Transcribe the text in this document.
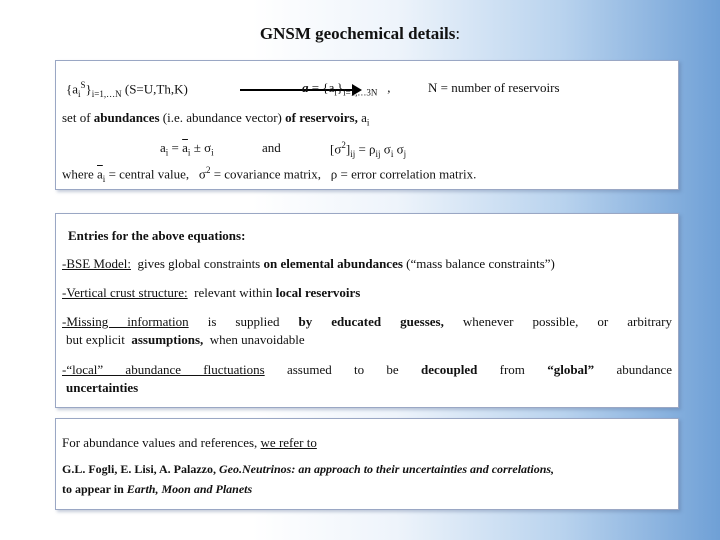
GNSM geochemical details:
$\{a_i^S\}_{i=1,\dots N}$ (S=U,Th,K)	$a = \{a_i\}_{i=1,\dots 3N}$ ,	N = number of reservoirs
set of abundances (i.e. abundance vector) of reservoirs, $a_i$
$a_i = \overline{a}_i \pm \sigma_i$	and	$[\sigma^2]_{ij} = \rho_{ij}$ $\sigma_i$ $\sigma_j$
where $\overline{a}_i$ = central value, $\sigma^2$ = covariance matrix, ρ = error correlation matrix.
Entries for the above equations:
-BSE Model: gives global constraints on elemental abundances (“mass balance constraints”)
-Vertical crust structure: relevant within local reservoirs
-Missing information is supplied by educated guesses, whenever possible, or arbitrary
but explicit assumptions, when unavoidable
-“local” abundance fluctuations assumed to be decoupled from “global” abundance
uncertainties
For abundance values and references, we refer to
G.L. Fogli, E. Lisi, A. Palazzo, Geo.Neutrinos: an approach to their uncertainties and correlations,
to appear in Earth, Moon and Planets
